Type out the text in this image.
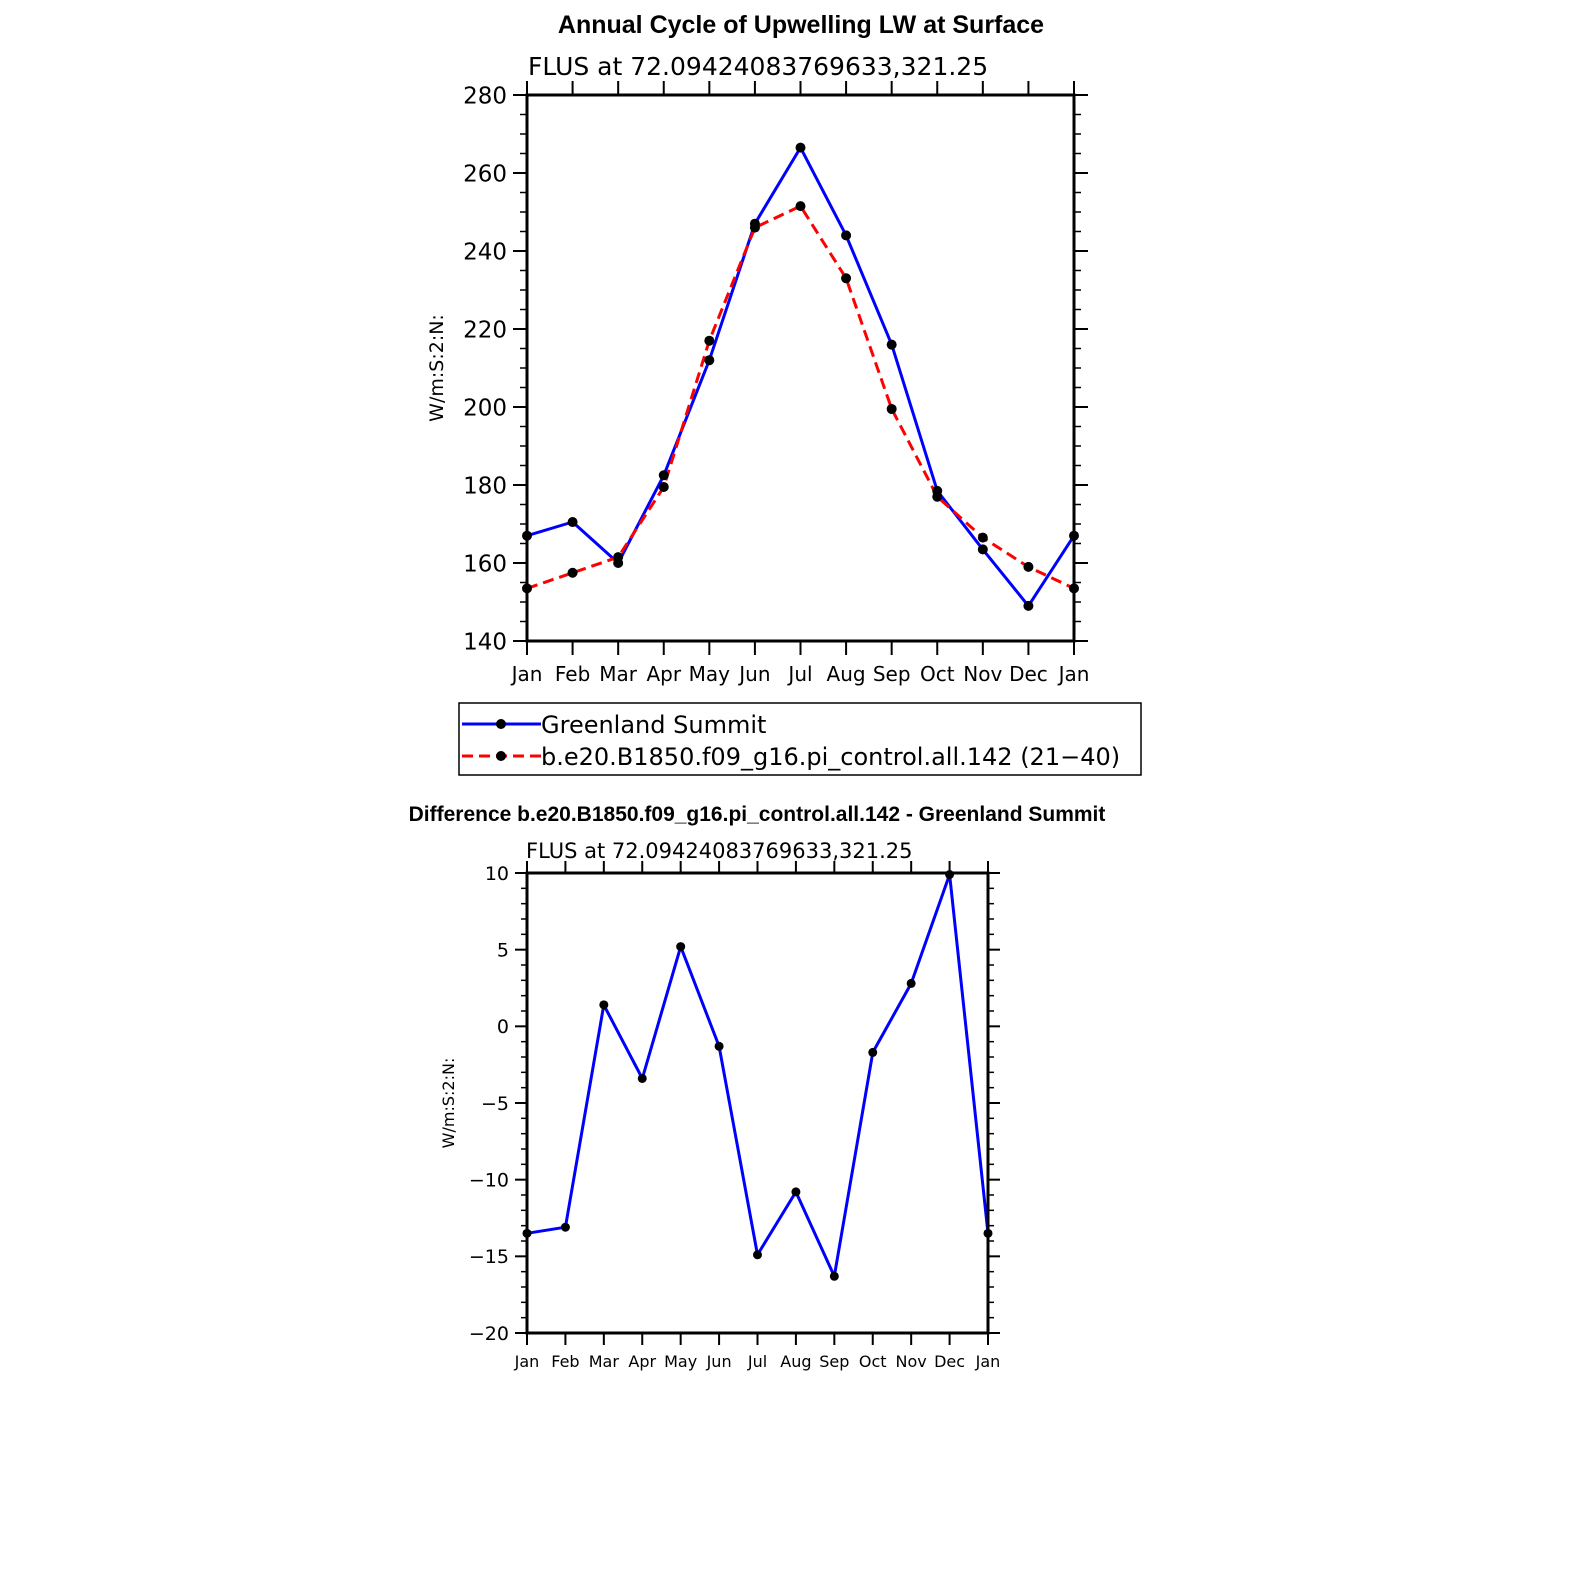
Annual Cycle of Upwelling LW at Surface
FLUS at 72.09424083769633,321.25
W/m:S:2:N:
140
160
180
200
220
240
260
280
Jan Feb Mar Apr May Jun Jul Aug Sep Oct Nov Dec Jan
Greenland Summit
b.e20.B1850.f09_g16.pi_control.all.142 (21−40)
Difference b.e20.B1850.f09_g16.pi_control.all.142 - Greenland Summit
FLUS at 72.09424083769633,321.25
W/m:S:2:N:
−20
−15
−10
−5
0
5
10
Jan Feb Mar Apr May Jun Jul Aug Sep Oct Nov Dec Jan
